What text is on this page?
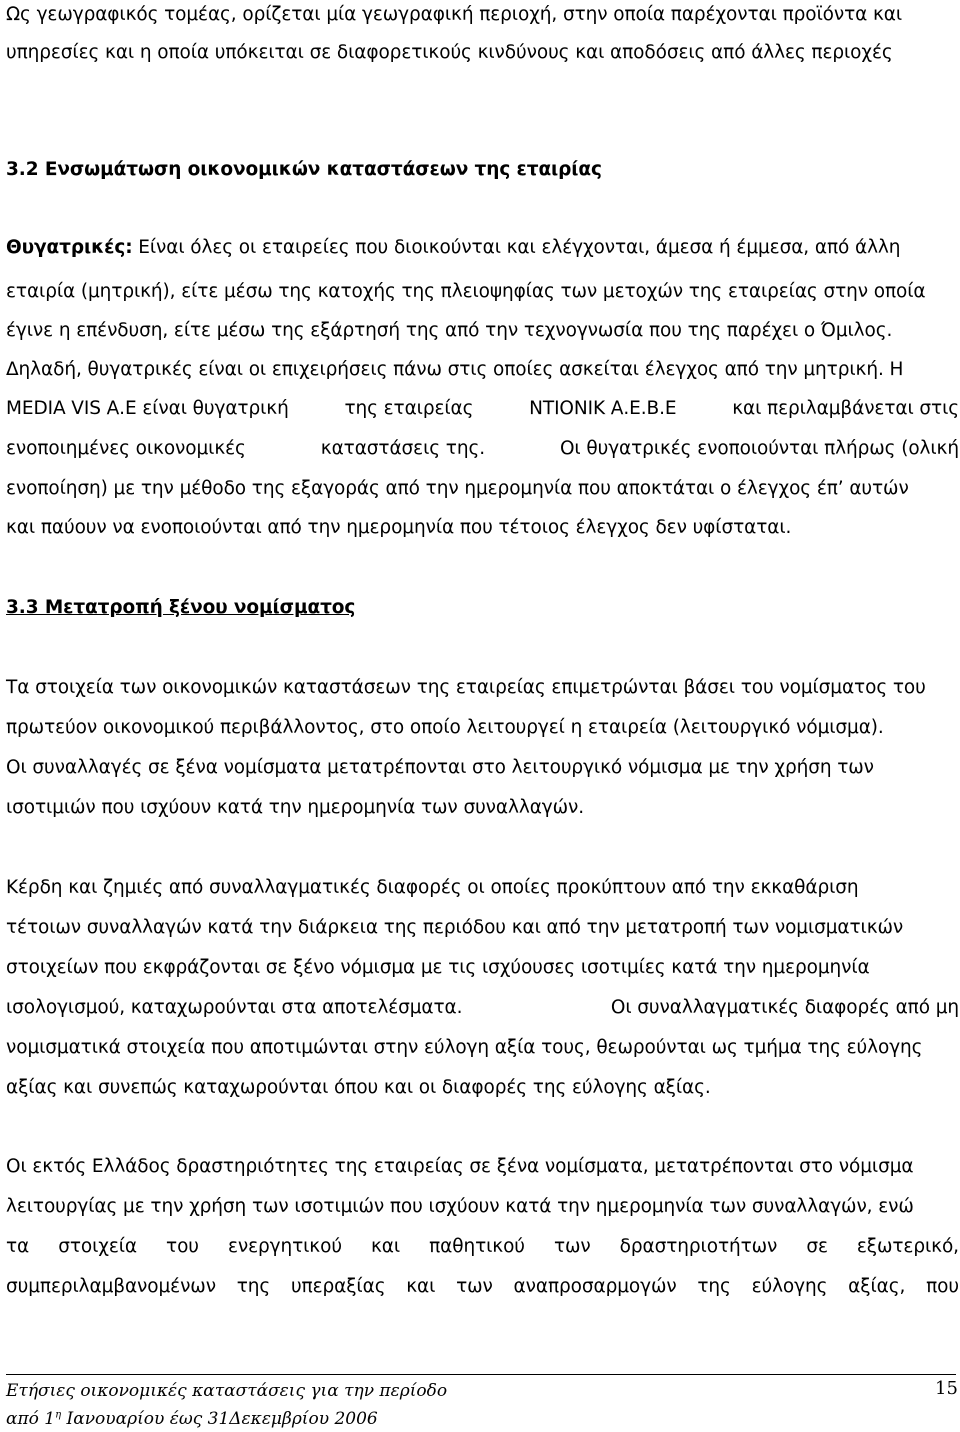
Ως γεωγραφικός τομέας, ορίζεται μία γεωγραφική περιοχή, στην οποία παρέχονται προϊόντα και
υπηρεσίες και η οποία υπόκειται σε διαφορετικούς κινδύνους και αποδόσεις από άλλες περιοχές
3.2 Ενσωμάτωση οικονομικών καταστάσεων της εταιρίας
Θυγατρικές: Είναι όλες οι εταιρείες που διοικούνται και ελέγχονται, άμεσα ή έμμεσα, από άλλη
εταιρία (μητρική), είτε μέσω της κατοχής της πλειοψηφίας των μετοχών της εταιρείας στην οποία
έγινε η επένδυση, είτε μέσω της εξάρτησή της από την τεχνογνωσία που της παρέχει ο Όμιλος.
Δηλαδή, θυγατρικές είναι οι επιχειρήσεις πάνω στις οποίες ασκείται έλεγχος από την μητρική. Η
MEDIA VIS Α.Ε είναι θυγατρική	της εταιρείας	ΝΤΙΟΝΙΚ Α.Ε.Β.Ε	και περιλαμβάνεται στις
ενοποιημένες οικονομικές	καταστάσεις της.	Οι θυγατρικές ενοποιούνται πλήρως (ολική
ενοποίηση) με την μέθοδο της εξαγοράς από την ημερομηνία που αποκτάται ο έλεγχος έπ’ αυτών
και παύουν να ενοποιούνται από την ημερομηνία που τέτοιος έλεγχος δεν υφίσταται.
3.3 Μετατροπή ξένου νομίσματος
Τα στοιχεία των οικονομικών καταστάσεων της εταιρείας επιμετρώνται βάσει του νομίσματος του
πρωτεύον οικονομικού περιβάλλοντος, στο οποίο λειτουργεί η εταιρεία (λειτουργικό νόμισμα).
Οι συναλλαγές σε ξένα νομίσματα μετατρέπονται στο λειτουργικό νόμισμα με την χρήση των
ισοτιμιών που ισχύουν κατά την ημερομηνία των συναλλαγών.
Κέρδη και ζημιές από συναλλαγματικές διαφορές οι οποίες προκύπτουν από την εκκαθάριση
τέτοιων συναλλαγών κατά την διάρκεια της περιόδου και από την μετατροπή των νομισματικών
στοιχείων που εκφράζονται σε ξένο νόμισμα με τις ισχύουσες ισοτιμίες κατά την ημερομηνία
ισολογισμού, καταχωρούνται στα αποτελέσματα.	Οι συναλλαγματικές διαφορές από μη
νομισματικά στοιχεία που αποτιμώνται στην εύλογη αξία τους, θεωρούνται ως τμήμα της εύλογης
αξίας και συνεπώς καταχωρούνται όπου και οι διαφορές της εύλογης αξίας.
Οι εκτός Ελλάδος δραστηριότητες της εταιρείας σε ξένα νομίσματα, μετατρέπονται στο νόμισμα
λειτουργίας με την χρήση των ισοτιμιών που ισχύουν κατά την ημερομηνία των συναλλαγών, ενώ
τα στοιχεία του ενεργητικού και παθητικού των δραστηριοτήτων σε εξωτερικό,
συμπεριλαμβανομένων της υπεραξίας και των αναπροσαρμογών της εύλογης αξίας, που
Ετήσιες οικονομικές καταστάσεις για την περίοδο
από $1^\eta$ Ιανουαρίου έως 31Δεκεμβρίου 2006
15
